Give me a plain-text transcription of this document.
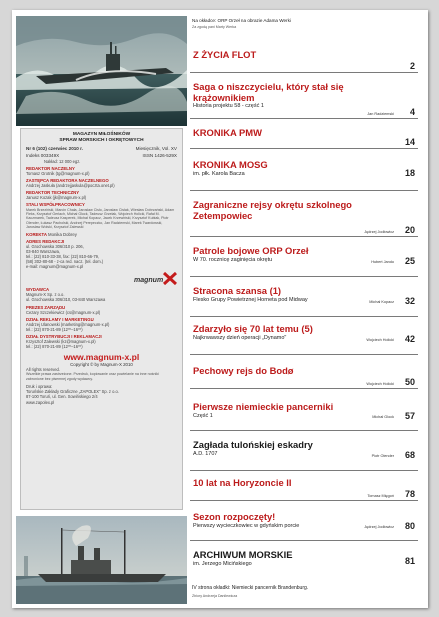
MAGAZYN MIŁOŚNIKÓW
SPRAW MORSKICH I OKRĘTOWYCH
Nr 6 (102) czerwiec 2010 r.	Miesięcznik, Vol. XV
Indeks 003349X	ISSN 1426-529X
Nakład: 12 000 egz.
REDAKTOR NACZELNY
Tomasz Grotnik (tg@magnum-x.pl)
ZASTĘPCA REDAKTORA NACZELNEGO
Andrzej Jaskuła (andrzejjaskula@poczta.onet.pl)
REDAKTOR TECHNICZNY
Janusz Kozak (jk@magnum-x.pl)
STALI WSPÓŁPRACOWNICY
Marek Brzeziński, Marcin Chała, Jarosław Cisło, Jarosław Cisłak, Wiesław Dobrzański, Adam Fleks, Krzysztof Gerlach, Michał Glock, Tadeusz Grzelak, Wojciech Holicki, Rafał M. Kaczmarek, Tadeusz Kasperek, Michał Kopacz, Jacek Krzewiński, Krzysztof Kubiak, Piotr Olender, Łukasz Pacholski, Andrzej Perepeczko, Jan Radziemski, Marek Twardowski, Jarosław Wolski, Krzysztof Zalewski
KOREKTA Monika Dobrey
ADRES REDAKCJI
ul. Grochowska 306/310 p. 206,
03-840 Warszawa,
tel.: (22) 810-33-38, fax: (22) 810-66-79,
(58) 302-80-68 - z-ca red. nacz. (tel. dom.)
e-mail: magnum@magnum-x.pl
magnum
WYDAWCA
Magnum-X Sp. z o.o.
ul. Grochowska 306/310, 03-840 Warszawa
PREZES ZARZĄDU
Cezary Szczekiewicz (cs@magnum-x.pl)
DZIAŁ REKLAMY I MARKETINGU
Andrzej Ulanowski (marketing@magnum-x.pl)
tel.: (22) 870-21-89 (12⁰⁰–16⁰⁰)
DZIAŁ DYSTRYBUCJI I REKLAMACJI
Krzysztof Zalewski (kz@magnum-x.pl)
tel.: (22) 870-21-89 (12⁰⁰–16⁰⁰)
www.magnum-x.pl
Copyright © by Magnum-X 2010
All rights reserved.
Wszelkie prawa zastrzeżone. Przedruk, kopiowanie oraz powielanie na inne nośniki zabronione bez pisemnej zgody wydawcy.
Druk i oprawa:
Toruńskie Zakłady Graficzne „ZAPOLEX" Sp. z o.o.
87-100 Toruń, ul. Gen. Sowińskiego 2/4
www.zapolex.pl
Na okładce: ORP Orzeł na obrazie Adama Werki
Za zgodą pani Marty Werka
Z ŻYCIA FLOT
2
Saga o niszczycielu, który stał się krążownikiem
Historia projektu 58 - część 1
Jan Radziemski 4
KRONIKA PMW
14
KRONIKA MOSG
im. płk. Karola Bacza	18
Zagraniczne rejsy okrętu szkolnego Zetempowiec
Jędrzej Jodłowicz 20
Patrole bojowe ORP Orzeł
W 70. rocznicę zaginięcia okrętu	Hubert Jando 25
Stracona szansa (1)
Flesko Grupy Powietrznej Horneta pod Midway	Michał Kopacz 32
Zdarzyło się 70 lat temu (5)
Najkrwawszy dzień operacji „Dynamo"	Wojciech Holicki 42
Pechowy rejs do Bodø
Wojciech Holicki 50
Pierwsze niemieckie pancerniki
Część 1	Michał Glock 57
Zagłada tulońskiej eskadry
A.D. 1707	Piotr Olender 68
10 lat na Horyzoncie II
Tomasz Mięgoń 78
Sezon rozpoczęty!
Pierwszy wycieczkowiec w gdyńskim porcie	Jędrzej Jodłowicz 80
ARCHIWUM MORSKIE
im. Jerzego Micińskiego	81
IV strona okładki: Niemiecki pancernik Brandenburg.
Zbiory Andrzeja Danilewicza
